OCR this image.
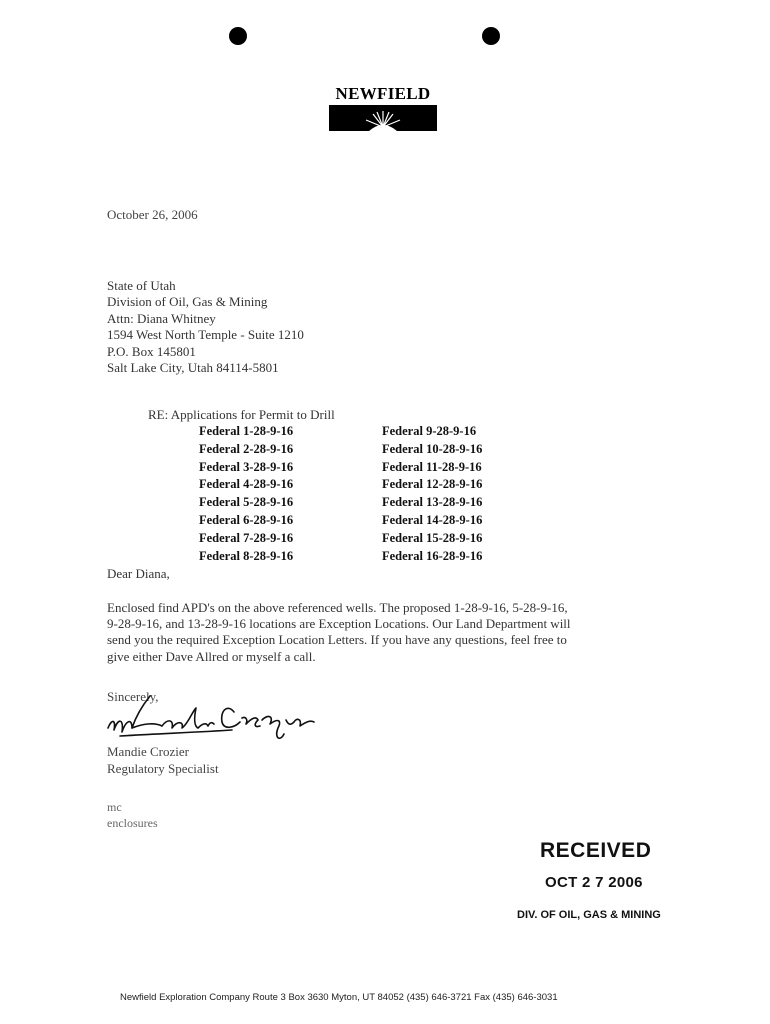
NEWFIELD
October 26, 2006
State of Utah
Division of Oil, Gas & Mining
Attn: Diana Whitney
1594 West North Temple - Suite 1210
P.O. Box 145801
Salt Lake City, Utah 84114-5801
RE: Applications for Permit to Drill
Federal 1-28-9-16
Federal 2-28-9-16
Federal 3-28-9-16
Federal 4-28-9-16
Federal 5-28-9-16
Federal 6-28-9-16
Federal 7-28-9-16
Federal 8-28-9-16
Federal 9-28-9-16
Federal 10-28-9-16
Federal 11-28-9-16
Federal 12-28-9-16
Federal 13-28-9-16
Federal 14-28-9-16
Federal 15-28-9-16
Federal 16-28-9-16
Dear Diana,
Enclosed find APD's on the above referenced wells. The proposed 1-28-9-16, 5-28-9-16,
9-28-9-16, and 13-28-9-16 locations are Exception Locations. Our Land Department will
send you the required Exception Location Letters. If you have any questions, feel free to
give either Dave Allred or myself a call.
Sincerely,
Mandie Crozier
Regulatory Specialist
mc
enclosures
RECEIVED
OCT 2 7 2006
DIV. OF OIL, GAS & MINING
Newfield Exploration Company Route 3 Box 3630 Myton, UT 84052 (435) 646-3721 Fax (435) 646-3031
